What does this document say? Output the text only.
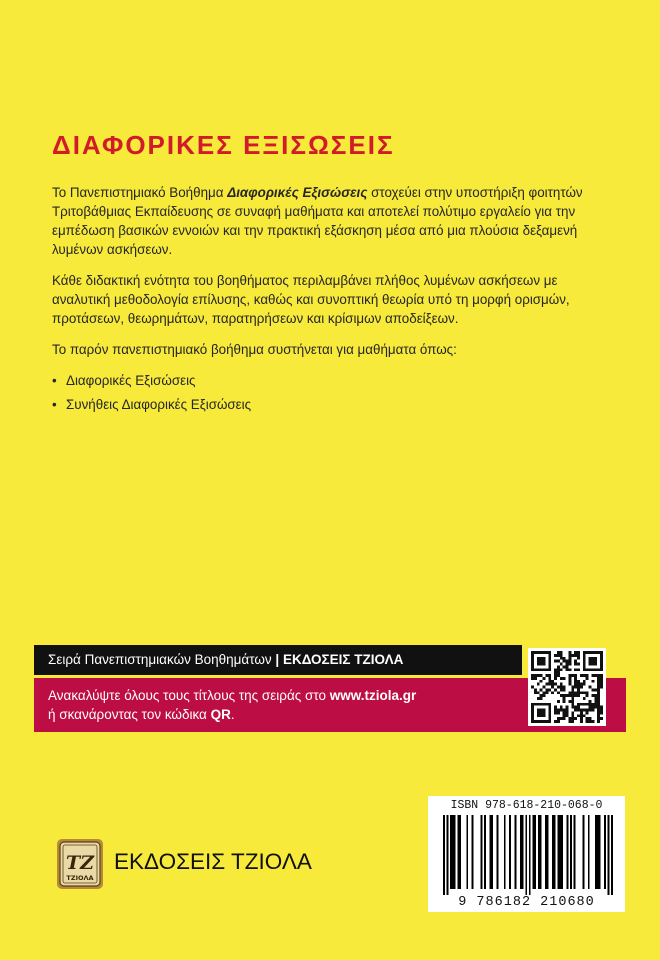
ΔΙΑΦΟΡΙΚΕΣ ΕΞΙΣΩΣΕΙΣ

Το Πανεπιστημιακό Βοήθημα Διαφορικές Εξισώσεις στοχεύει στην υποστήριξη φοιτητών Τριτοβάθμιας Εκπαίδευσης σε συναφή μαθήματα και αποτελεί πολύτιμο εργαλείο για την εμπέδωση βασικών εννοιών και την πρακτική εξάσκηση μέσα από μια πλούσια δεξαμενή λυμένων ασκήσεων.

Κάθε διδακτική ενότητα του βοηθήματος περιλαμβάνει πλήθος λυμένων ασκήσεων με αναλυτική μεθοδολογία επίλυσης, καθώς και συνοπτική θεωρία υπό τη μορφή ορισμών, προτάσεων, θεωρημάτων, παρατηρήσεων και κρίσιμων αποδείξεων.

Το παρόν πανεπιστημιακό βοήθημα συστήνεται για μαθήματα όπως:

• Διαφορικές Εξισώσεις
• Συνήθεις Διαφορικές Εξισώσεις
Σειρά Πανεπιστημιακών Βοηθημάτων | ΕΚΔΟΣΕΙΣ ΤΖΙΟΛΑ
Ανακαλύψτε όλους τους τίτλους της σειράς στο www.tziola.gr
ή σκανάροντας τον κώδικα QR.
ISBN 978-618-210-068-0
9 786182 210680
TZ
ΤΖΙΟΛΑ
ΕΚΔΟΣΕΙΣ ΤΖΙΟΛΑ
